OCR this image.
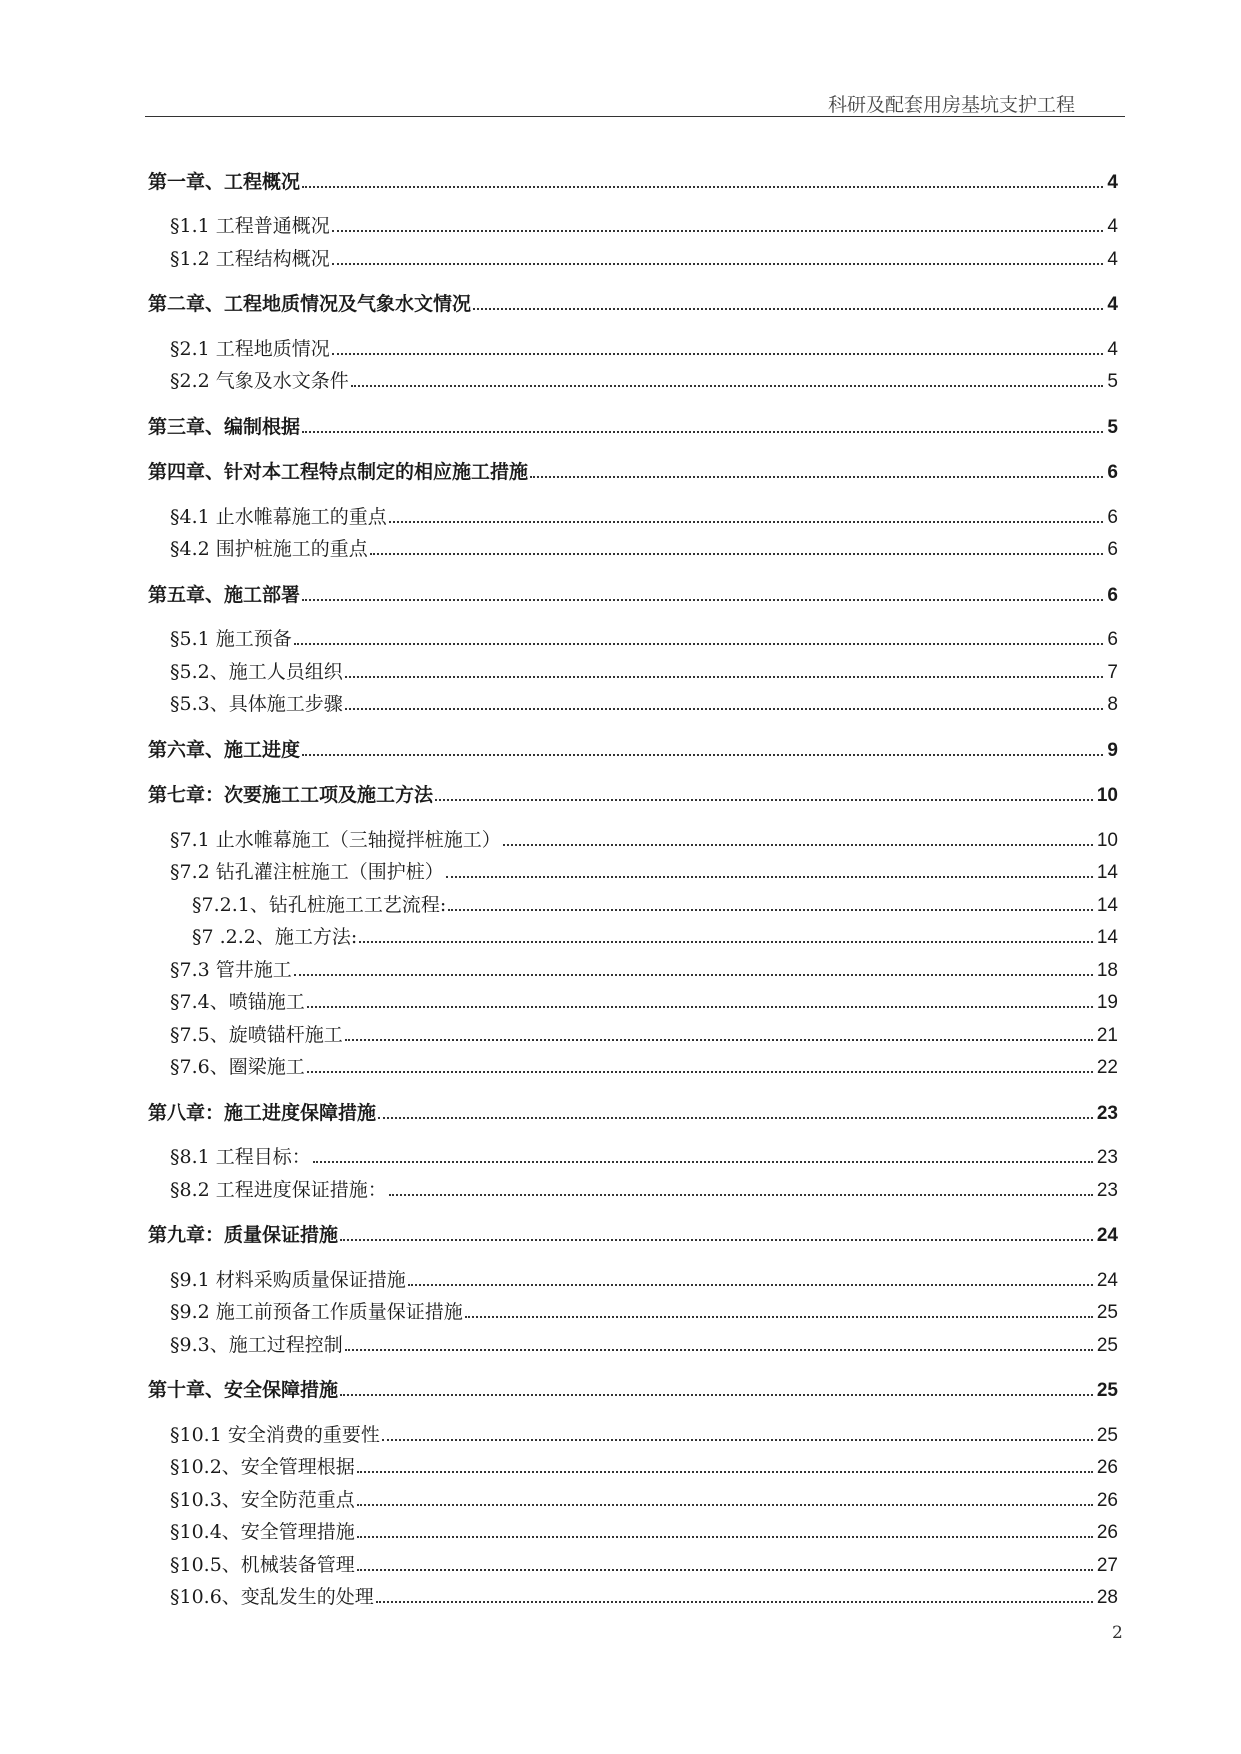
科研及配套用房基坑支护工程
第一章、工程概况	4
§1.1 工程普通概况	4
§1.2 工程结构概况	4
第二章、工程地质情况及气象水文情况	4
§2.1 工程地质情况	4
§2.2 气象及水文条件	5
第三章、编制根据	5
第四章、针对本工程特点制定的相应施工措施	6
§4.1 止水帷幕施工的重点	6
§4.2 围护桩施工的重点	6
第五章、施工部署	6
§5.1 施工预备	6
§5.2、施工人员组织	7
§5.3、具体施工步骤	8
第六章、施工进度	9
第七章：次要施工工项及施工方法	10
§7.1 止水帷幕施工（三轴搅拌桩施工）	10
§7.2 钻孔灌注桩施工（围护桩）	14
§7.2.1、钻孔桩施工工艺流程:	14
§7 .2.2、施工方法:	14
§7.3 管井施工	18
§7.4、喷锚施工	19
§7.5、旋喷锚杆施工	21
§7.6、圈梁施工	22
第八章：施工进度保障措施	23
§8.1 工程目标：	23
§8.2 工程进度保证措施：	23
第九章：质量保证措施	24
§9.1 材料采购质量保证措施	24
§9.2 施工前预备工作质量保证措施	25
§9.3、施工过程控制	25
第十章、安全保障措施	25
§10.1 安全消费的重要性	25
§10.2、安全管理根据	26
§10.3、安全防范重点	26
§10.4、安全管理措施	26
§10.5、机械装备管理	27
§10.6、变乱发生的处理	28
2
